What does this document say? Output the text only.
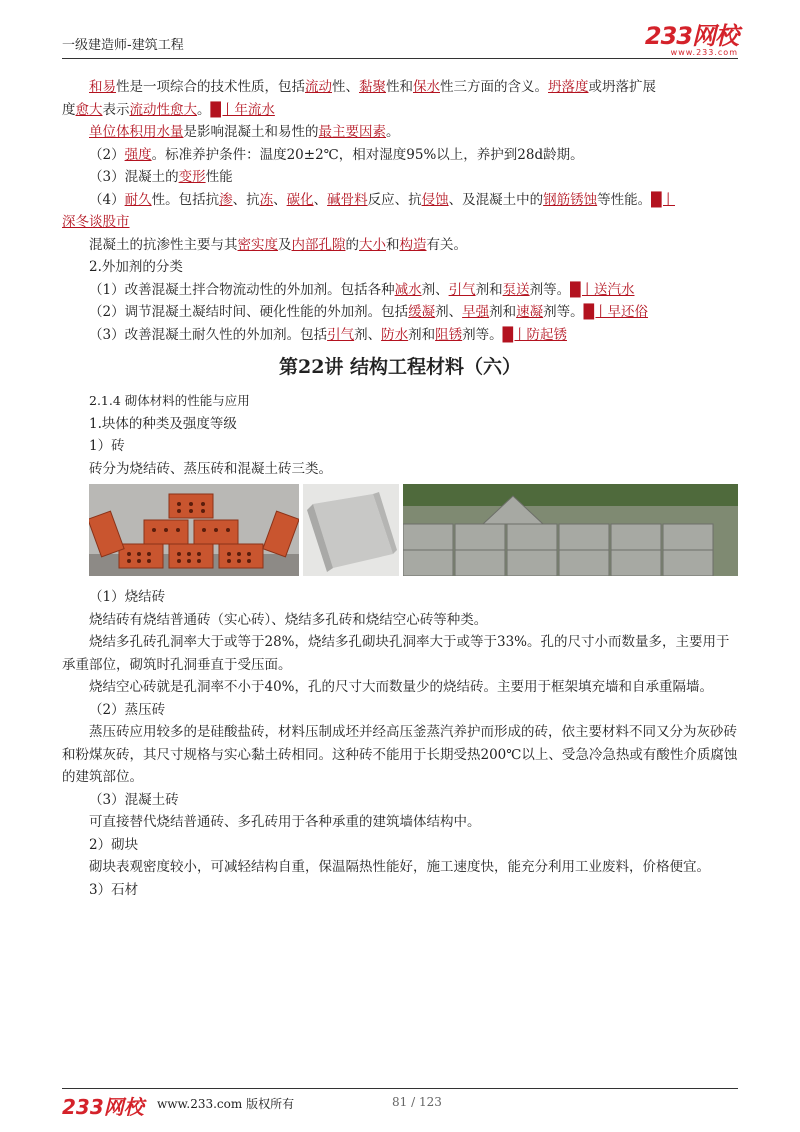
一级建造师-建筑工程	233网校
www.233.com

和易性是一项综合的技术性质，包括流动性、黏聚性和保水性三方面的含义。坍落度或坍落扩展

度愈大表示流动性愈大。█丨年流水

单位体积用水量是影响混凝土和易性的最主要因素。

（2）强度。标准养护条件：温度20±2℃，相对湿度95%以上，养护到28d龄期。

（3）混凝土的变形性能

（4）耐久性。包括抗渗、抗冻、碳化、碱骨料反应、抗侵蚀、及混凝土中的钢筋锈蚀等性能。█丨

深冬谈股市

混凝土的抗渗性主要与其密实度及内部孔隙的大小和构造有关。

2.外加剂的分类

（1）改善混凝土拌合物流动性的外加剂。包括各种减水剂、引气剂和泵送剂等。█丨送汽水

（2）调节混凝土凝结时间、硬化性能的外加剂。包括缓凝剂、早强剂和速凝剂等。█丨早还俗

（3）改善混凝土耐久性的外加剂。包括引气剂、防水剂和阻锈剂等。█丨防起锈

第22讲 结构工程材料（六）

2.1.4 砌体材料的性能与应用

1.块体的种类及强度等级

1）砖

砖分为烧结砖、蒸压砖和混凝土砖三类。

（1）烧结砖

烧结砖有烧结普通砖（实心砖）、烧结多孔砖和烧结空心砖等种类。

烧结多孔砖孔洞率大于或等于28%，烧结多孔砌块孔洞率大于或等于33%。孔的尺寸小而数量多，主要用于承重部位，砌筑时孔洞垂直于受压面。

烧结空心砖就是孔洞率不小于40%，孔的尺寸大而数量少的烧结砖。主要用于框架填充墙和自承重隔墙。

（2）蒸压砖

蒸压砖应用较多的是硅酸盐砖，材料压制成坯并经高压釜蒸汽养护而形成的砖，依主要材料不同又分为灰砂砖和粉煤灰砖，其尺寸规格与实心黏土砖相同。这种砖不能用于长期受热200℃以上、受急冷急热或有酸性介质腐蚀的建筑部位。

（3）混凝土砖

可直接替代烧结普通砖、多孔砖用于各种承重的建筑墙体结构中。

2）砌块

砌块表观密度较小，可减轻结构自重，保温隔热性能好，施工速度快，能充分利用工业废料，价格便宜。

3）石材

233网校 www.233.com 版权所有	81 / 123
